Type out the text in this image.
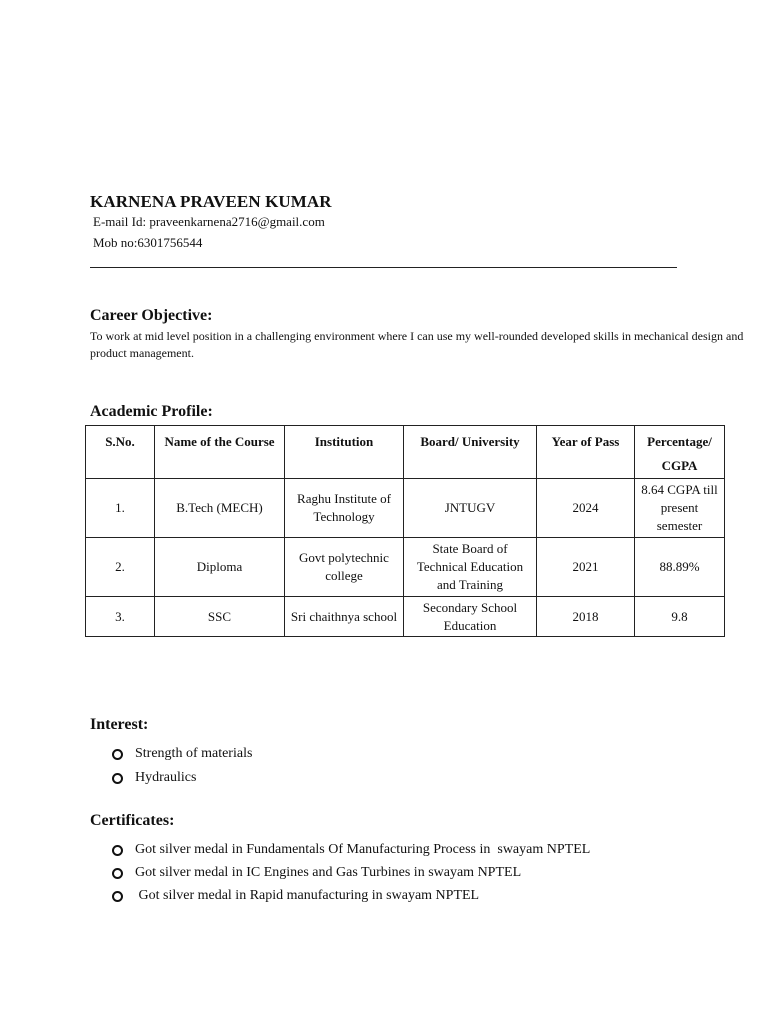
KARNENA PRAVEEN KUMAR
E-mail Id: praveenkarnena2716@gmail.com
Mob no:6301756544
Career Objective:
To work at mid level position in a challenging environment where I can use my well-rounded developed skills in mechanical design and product management.
Academic Profile:
S.No.	Name of the Course	Institution	Board/ University	Year of Pass	Percentage/ CGPA
1.	B.Tech (MECH)	Raghu Institute of Technology	JNTUGV	2024	8.64 CGPA till present semester
2.	Diploma	Govt polytechnic college	State Board of Technical Education and Training	2021	88.89%
3.	SSC	Sri chaithnya school	Secondary School Education	2018	9.8
Interest:
Strength of materials
Hydraulics
Certificates:
Got silver medal in Fundamentals Of Manufacturing Process in  swayam NPTEL
Got silver medal in IC Engines and Gas Turbines in swayam NPTEL
Got silver medal in Rapid manufacturing in swayam NPTEL
